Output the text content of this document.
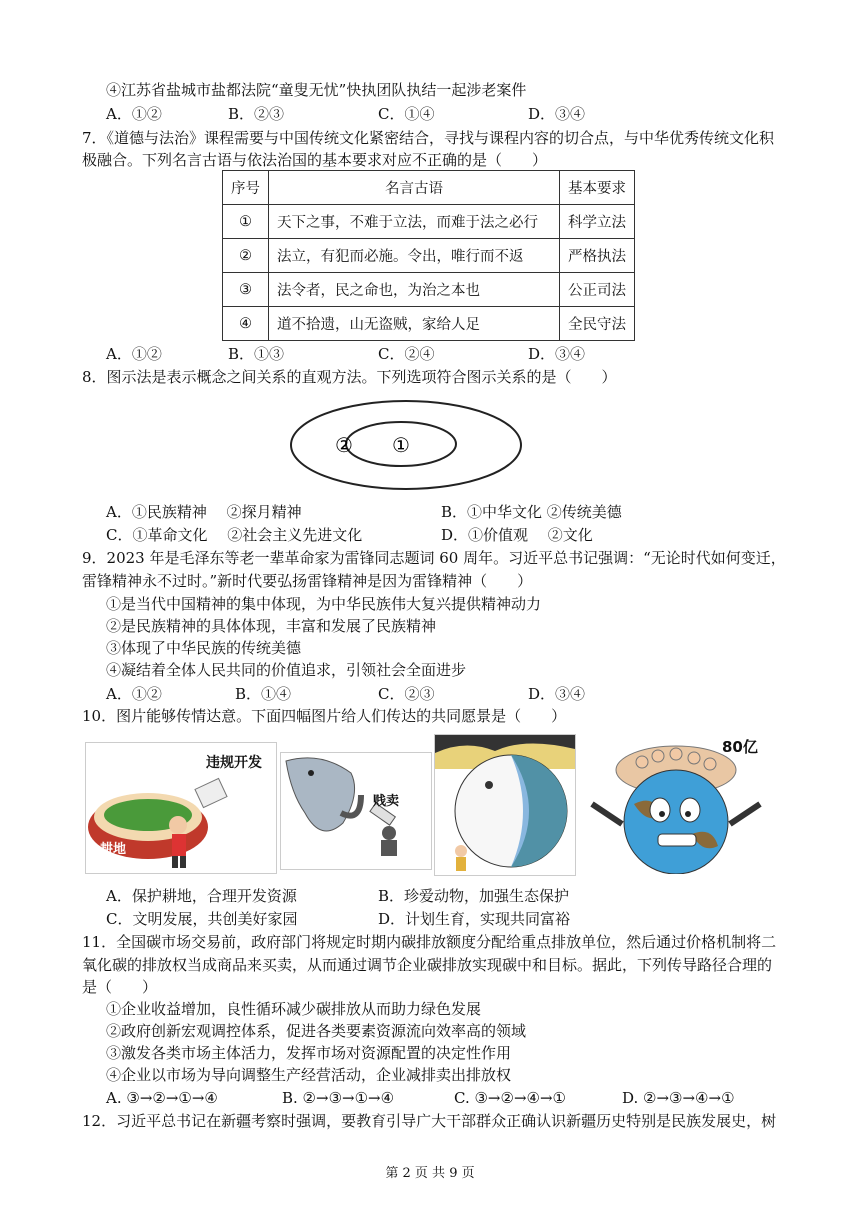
④江苏省盐城市盐都法院“童叟无忧”快执团队执结一起涉老案件
A．①②	B．②③	C．①④	D．③④
7．《道德与法治》课程需要与中国传统文化紧密结合，寻找与课程内容的切合点，与中华优秀传统文化积
极融合。下列名言古语与依法治国的基本要求对应不正确的是（　　）
序号	名言古语	基本要求
①	天下之事，不难于立法，而难于法之必行	科学立法
②	法立，有犯而必施。令出，唯行而不返	严格执法
③	法令者，民之命也，为治之本也	公正司法
④	道不拾遗，山无盗贼，家给人足	全民守法
A．①②	B．①③	C．②④	D．③④
8．图示法是表示概念之间关系的直观方法。下列选项符合图示关系的是（　　）
② ①
A．①民族精神　 ②探月精神	B．①中华文化 ②传统美德
C．①革命文化　 ②社会主义先进文化	D．①价值观　 ②文化
9．2023 年是毛泽东等老一辈革命家为雷锋同志题词 60 周年。习近平总书记强调：“无论时代如何变迁，
雷锋精神永不过时。”新时代要弘扬雷锋精神是因为雷锋精神（　　）
①是当代中国精神的集中体现，为中华民族伟大复兴提供精神动力
②是民族精神的具体体现，丰富和发展了民族精神
③体现了中华民族的传统美德
④凝结着全体人民共同的价值追求，引领社会全面进步
A．①②	B．①④	C．②③	D．③④
10．图片能够传情达意。下面四幅图片给人们传达的共同愿景是（　　）
违规开发
耕地
贱卖
80亿
A．保护耕地，合理开发资源	B．珍爱动物，加强生态保护
C．文明发展，共创美好家园	D．计划生育，实现共同富裕
11．全国碳市场交易前，政府部门将规定时期内碳排放额度分配给重点排放单位，然后通过价格机制将二
氧化碳的排放权当成商品来买卖，从而通过调节企业碳排放实现碳中和目标。据此，下列传导路径合理的
是（　　）
①企业收益增加，良性循环减少碳排放从而助力绿色发展
②政府创新宏观调控体系，促进各类要素资源流向效率高的领域
③激发各类市场主体活力，发挥市场对资源配置的决定性作用
④企业以市场为导向调整生产经营活动，企业减排卖出排放权
A. ③→②→①→④	B. ②→③→①→④	C. ③→②→④→①	D. ②→③→④→①
12．习近平总书记在新疆考察时强调，要教育引导广大干部群众正确认识新疆历史特别是民族发展史，树
第 2 页 共 9 页
